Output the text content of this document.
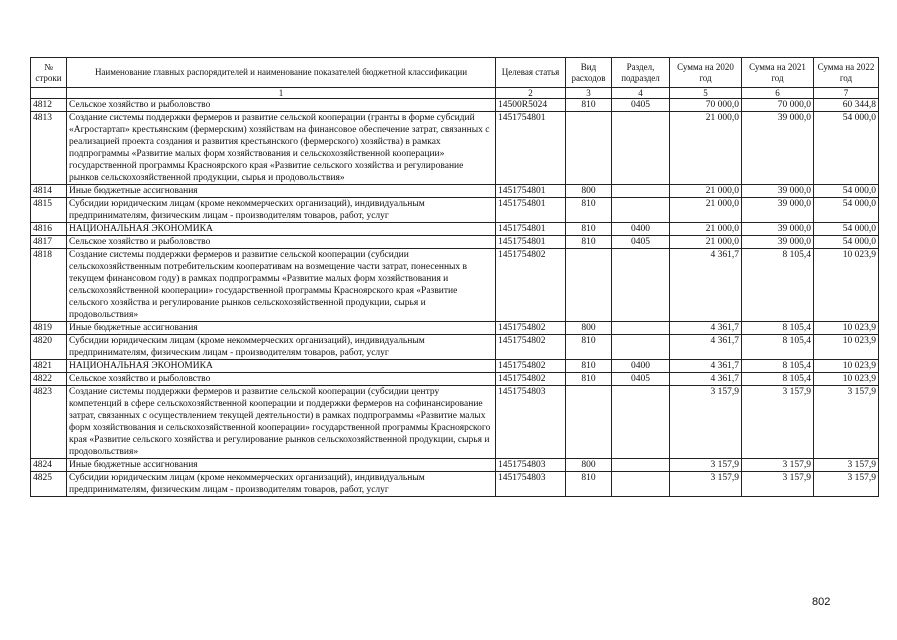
№ строки	Наименование главных распорядителей и наименование показателей бюджетной классификации	Целевая статья	Вид расходов	Раздел, подраздел	Сумма на 2020 год	Сумма на 2021 год	Сумма на 2022 год
	1	2	3	4	5	6	7
4812	Сельское хозяйство и рыболовство	14500R5024	810	0405	70 000,0	70 000,0	60 344,8
4813	Создание системы поддержки фермеров и развитие сельской кооперации (гранты в форме субсидий «Агростартап» крестьянским (фермерским) хозяйствам на финансовое обеспечение затрат, связанных с реализацией проекта создания и развития крестьянского (фермерского) хозяйства) в рамках подпрограммы «Развитие малых форм хозяйствования и сельскохозяйственной кооперации» государственной программы Красноярского края «Развитие сельского хозяйства и регулирование рынков сельскохозяйственной продукции, сырья и продовольствия»	1451754801			21 000,0	39 000,0	54 000,0
4814	Иные бюджетные ассигнования	1451754801	800		21 000,0	39 000,0	54 000,0
4815	Субсидии юридическим лицам (кроме некоммерческих организаций), индивидуальным предпринимателям, физическим лицам - производителям товаров, работ, услуг	1451754801	810		21 000,0	39 000,0	54 000,0
4816	НАЦИОНАЛЬНАЯ ЭКОНОМИКА	1451754801	810	0400	21 000,0	39 000,0	54 000,0
4817	Сельское хозяйство и рыболовство	1451754801	810	0405	21 000,0	39 000,0	54 000,0
4818	Создание системы поддержки фермеров и развитие сельской кооперации (субсидии сельскохозяйственным потребительским кооперативам на возмещение части затрат, понесенных в текущем финансовом году) в рамках подпрограммы «Развитие малых форм хозяйствования и сельскохозяйственной кооперации» государственной программы Красноярского края «Развитие сельского хозяйства и регулирование рынков сельскохозяйственной продукции, сырья и продовольствия»	1451754802			4 361,7	8 105,4	10 023,9
4819	Иные бюджетные ассигнования	1451754802	800		4 361,7	8 105,4	10 023,9
4820	Субсидии юридическим лицам (кроме некоммерческих организаций), индивидуальным предпринимателям, физическим лицам - производителям товаров, работ, услуг	1451754802	810		4 361,7	8 105,4	10 023,9
4821	НАЦИОНАЛЬНАЯ ЭКОНОМИКА	1451754802	810	0400	4 361,7	8 105,4	10 023,9
4822	Сельское хозяйство и рыболовство	1451754802	810	0405	4 361,7	8 105,4	10 023,9
4823	Создание системы поддержки фермеров и развитие сельской кооперации (субсидии центру компетенций в сфере сельскохозяйственной кооперации и поддержки фермеров на софинансирование затрат, связанных с осуществлением текущей деятельности) в рамках подпрограммы «Развитие малых форм хозяйствования и сельскохозяйственной кооперации» государственной программы Красноярского края «Развитие сельского хозяйства и регулирование рынков сельскохозяйственной продукции, сырья и продовольствия»	1451754803			3 157,9	3 157,9	3 157,9
4824	Иные бюджетные ассигнования	1451754803	800		3 157,9	3 157,9	3 157,9
4825	Субсидии юридическим лицам (кроме некоммерческих организаций), индивидуальным предпринимателям, физическим лицам - производителям товаров, работ, услуг	1451754803	810		3 157,9	3 157,9	3 157,9
802
